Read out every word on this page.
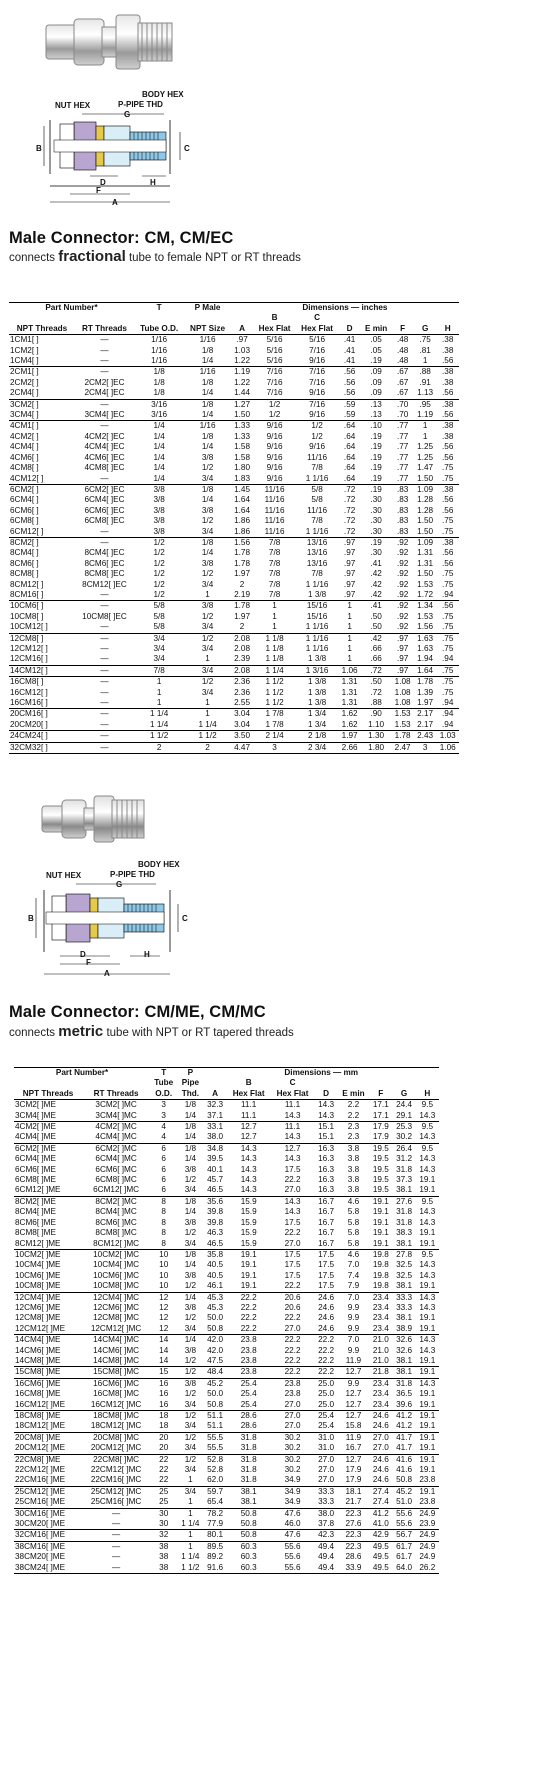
NUT HEX
BODY HEX
P-PIPE THD
B	C
G
D	H
F
A
Male Connector: CM, CM/EC
connects fractional tube to female NPT or RT threads
Part Number*		T	P Male	Dimensions — inches							
					B	C					
NPT Threads	RT Threads	Tube O.D.	NPT Size	A	Hex Flat	Hex Flat	D	E min	F	G	H
1CM1[ ]	—	1/16	1/16	.97	5/16	5/16	.41	.05	.48	.75	.38
1CM2[ ]	—	1/16	1/8	1.03	5/16	7/16	.41	.05	.48	.81	.38
1CM4[ ]	—	1/16	1/4	1.22	5/16	9/16	.41	.19	.48	1	.56
2CM1[ ]	—	1/8	1/16	1.19	7/16	7/16	.56	.09	.67	.88	.38
2CM2[ ]	2CM2[ ]EC	1/8	1/8	1.22	7/16	7/16	.56	.09	.67	.91	.38
2CM4[ ]	2CM4[ ]EC	1/8	1/4	1.44	7/16	9/16	.56	.09	.67	1.13	.56
3CM2[ ]	—	3/16	1/8	1.27	1/2	7/16	.59	.13	.70	.95	.38
3CM4[ ]	3CM4[ ]EC	3/16	1/4	1.50	1/2	9/16	.59	.13	.70	1.19	.56
4CM1[ ]	—	1/4	1/16	1.33	9/16	1/2	.64	.10	.77	1	.38
4CM2[ ]	4CM2[ ]EC	1/4	1/8	1.33	9/16	1/2	.64	.19	.77	1	.38
4CM4[ ]	4CM4[ ]EC	1/4	1/4	1.58	9/16	9/16	.64	.19	.77	1.25	.56
4CM6[ ]	4CM6[ ]EC	1/4	3/8	1.58	9/16	11/16	.64	.19	.77	1.25	.56
4CM8[ ]	4CM8[ ]EC	1/4	1/2	1.80	9/16	7/8	.64	.19	.77	1.47	.75
4CM12[ ]	—	1/4	3/4	1.83	9/16	1 1/16	.64	.19	.77	1.50	.75
6CM2[ ]	6CM2[ ]EC	3/8	1/8	1.45	11/16	5/8	.72	.19	.83	1.09	.38
6CM4[ ]	6CM4[ ]EC	3/8	1/4	1.64	11/16	5/8	.72	.30	.83	1.28	.56
6CM6[ ]	6CM6[ ]EC	3/8	3/8	1.64	11/16	11/16	.72	.30	.83	1.28	.56
6CM8[ ]	6CM8[ ]EC	3/8	1/2	1.86	11/16	7/8	.72	.30	.83	1.50	.75
6CM12[ ]	—	3/8	3/4	1.86	11/16	1 1/16	.72	.30	.83	1.50	.75
8CM2[ ]	—	1/2	1/8	1.56	7/8	13/16	.97	.19	.92	1.09	.38
8CM4[ ]	8CM4[ ]EC	1/2	1/4	1.78	7/8	13/16	.97	.30	.92	1.31	.56
8CM6[ ]	8CM6[ ]EC	1/2	3/8	1.78	7/8	13/16	.97	.41	.92	1.31	.56
8CM8[ ]	8CM8[ ]EC	1/2	1/2	1.97	7/8	7/8	.97	.42	.92	1.50	.75
8CM12[ ]	8CM12[ ]EC	1/2	3/4	2	7/8	1 1/16	.97	.42	.92	1.53	.75
8CM16[ ]	—	1/2	1	2.19	7/8	1 3/8	.97	.42	.92	1.72	.94
10CM6[ ]	—	5/8	3/8	1.78	1	15/16	1	.41	.92	1.34	.56
10CM8[ ]	10CM8[ ]EC	5/8	1/2	1.97	1	15/16	1	.50	.92	1.53	.75
10CM12[ ]	—	5/8	3/4	2	1	1 1/16	1	.50	.92	1.56	.75
12CM8[ ]	—	3/4	1/2	2.08	1 1/8	1 1/16	1	.42	.97	1.63	.75
12CM12[ ]	—	3/4	3/4	2.08	1 1/8	1 1/16	1	.66	.97	1.63	.75
12CM16[ ]	—	3/4	1	2.39	1 1/8	1 3/8	1	.66	.97	1.94	.94
14CM12[ ]	—	7/8	3/4	2.08	1 1/4	1 3/16	1.06	.72	.97	1.64	.75
16CM8[ ]	—	1	1/2	2.36	1 1/2	1 3/8	1.31	.50	1.08	1.78	.75
16CM12[ ]	—	1	3/4	2.36	1 1/2	1 3/8	1.31	.72	1.08	1.39	.75
16CM16[ ]	—	1	1	2.55	1 1/2	1 3/8	1.31	.88	1.08	1.97	.94
20CM16[ ]	—	1 1/4	1	3.04	1 7/8	1 3/4	1.62	.90	1.53	2.17	.94
20CM20[ ]	—	1 1/4	1 1/4	3.04	1 7/8	1 3/4	1.62	1.10	1.53	2.17	.94
24CM24[ ]	—	1 1/2	1 1/2	3.50	2 1/4	2 1/8	1.97	1.30	1.78	2.43	1.03
32CM32[ ]	—	2	2	4.47	3	2 3/4	2.66	1.80	2.47	3	1.06
NUT HEX
BODY HEX
P-PIPE THD
B	C
G
D	H
F
A
Male Connector: CM/ME, CM/MC
connects metric tube with NPT or RT tapered threads
Part Number*		T	P	Dimensions — mm							
		Tube	Pipe		B	C					
NPT Threads	RT Threads	O.D.	Thd.	A	Hex Flat	Hex Flat	D	E min	F	G	H
3CM2[ ]ME	3CM2[ ]MC	3	1/8	32.3	11.1	11.1	14.3	2.2	17.1	24.4	9.5
3CM4[ ]ME	3CM4[ ]MC	3	1/4	37.1	11.1	14.3	14.3	2.2	17.1	29.1	14.3
4CM2[ ]ME	4CM2[ ]MC	4	1/8	33.1	12.7	11.1	15.1	2.3	17.9	25.3	9.5
4CM4[ ]ME	4CM4[ ]MC	4	1/4	38.0	12.7	14.3	15.1	2.3	17.9	30.2	14.3
6CM2[ ]ME	6CM2[ ]MC	6	1/8	34.8	14.3	12.7	16.3	3.8	19.5	26.4	9.5
6CM4[ ]ME	6CM4[ ]MC	6	1/4	39.5	14.3	14.3	16.3	3.8	19.5	31.2	14.3
6CM6[ ]ME	6CM6[ ]MC	6	3/8	40.1	14.3	17.5	16.3	3.8	19.5	31.8	14.3
6CM8[ ]ME	6CM8[ ]MC	6	1/2	45.7	14.3	22.2	16.3	3.8	19.5	37.3	19.1
6CM12[ ]ME	6CM12[ ]MC	6	3/4	46.5	14.3	27.0	16.3	3.8	19.5	38.1	19.1
8CM2[ ]ME	8CM2[ ]MC	8	1/8	35.6	15.9	14.3	16.7	4.6	19.1	27.6	9.5
8CM4[ ]ME	8CM4[ ]MC	8	1/4	39.8	15.9	14.3	16.7	5.8	19.1	31.8	14.3
8CM6[ ]ME	8CM6[ ]MC	8	3/8	39.8	15.9	17.5	16.7	5.8	19.1	31.8	14.3
8CM8[ ]ME	8CM8[ ]MC	8	1/2	46.3	15.9	22.2	16.7	5.8	19.1	38.3	19.1
8CM12[ ]ME	8CM12[ ]MC	8	3/4	46.5	15.9	27.0	16.7	5.8	19.1	38.1	19.1
10CM2[ ]ME	10CM2[ ]MC	10	1/8	35.8	19.1	17.5	17.5	4.6	19.8	27.8	9.5
10CM4[ ]ME	10CM4[ ]MC	10	1/4	40.5	19.1	17.5	17.5	7.0	19.8	32.5	14.3
10CM6[ ]ME	10CM6[ ]MC	10	3/8	40.5	19.1	17.5	17.5	7.4	19.8	32.5	14.3
10CM8[ ]ME	10CM8[ ]MC	10	1/2	46.1	19.1	22.2	17.5	7.9	19.8	38.1	19.1
12CM4[ ]ME	12CM4[ ]MC	12	1/4	45.3	22.2	20.6	24.6	7.0	23.4	33.3	14.3
12CM6[ ]ME	12CM6[ ]MC	12	3/8	45.3	22.2	20.6	24.6	9.9	23.4	33.3	14.3
12CM8[ ]ME	12CM8[ ]MC	12	1/2	50.0	22.2	22.2	24.6	9.9	23.4	38.1	19.1
12CM12[ ]ME	12CM12[ ]MC	12	3/4	50.8	22.2	27.0	24.6	9.9	23.4	38.9	19.1
14CM4[ ]ME	14CM4[ ]MC	14	1/4	42.0	23.8	22.2	22.2	7.0	21.0	32.6	14.3
14CM6[ ]ME	14CM6[ ]MC	14	3/8	42.0	23.8	22.2	22.2	9.9	21.0	32.6	14.3
14CM8[ ]ME	14CM8[ ]MC	14	1/2	47.5	23.8	22.2	22.2	11.9	21.0	38.1	19.1
15CM8[ ]ME	15CM8[ ]MC	15	1/2	48.4	23.8	22.2	22.2	12.7	21.8	38.1	19.1
16CM6[ ]ME	16CM6[ ]MC	16	3/8	45.2	25.4	23.8	25.0	9.9	23.4	31.8	14.3
16CM8[ ]ME	16CM8[ ]MC	16	1/2	50.0	25.4	23.8	25.0	12.7	23.4	36.5	19.1
16CM12[ ]ME	16CM12[ ]MC	16	3/4	50.8	25.4	27.0	25.0	12.7	23.4	39.6	19.1
18CM8[ ]ME	18CM8[ ]MC	18	1/2	51.1	28.6	27.0	25.4	12.7	24.6	41.2	19.1
18CM12[ ]ME	18CM12[ ]MC	18	3/4	51.1	28.6	27.0	25.4	15.8	24.6	41.2	19.1
20CM8[ ]ME	20CM8[ ]MC	20	1/2	55.5	31.8	30.2	31.0	11.9	27.0	41.7	19.1
20CM12[ ]ME	20CM12[ ]MC	20	3/4	55.5	31.8	30.2	31.0	16.7	27.0	41.7	19.1
22CM8[ ]ME	22CM8[ ]MC	22	1/2	52.8	31.8	30.2	27.0	12.7	24.6	41.6	19.1
22CM12[ ]ME	22CM12[ ]MC	22	3/4	52.8	31.8	30.2	27.0	17.9	24.6	41.6	19.1
22CM16[ ]ME	22CM16[ ]MC	22	1	62.0	31.8	34.9	27.0	17.9	24.6	50.8	23.8
25CM12[ ]ME	25CM12[ ]MC	25	3/4	59.7	38.1	34.9	33.3	18.1	27.4	45.2	19.1
25CM16[ ]ME	25CM16[ ]MC	25	1	65.4	38.1	34.9	33.3	21.7	27.4	51.0	23.8
30CM16[ ]ME	—	30	1	78.2	50.8	47.6	38.0	22.3	41.2	55.6	24.9
30CM20[ ]ME	—	30	1 1/4	77.9	50.8	46.0	37.8	27.6	41.0	55.6	23.9
32CM16[ ]ME	—	32	1	80.1	50.8	47.6	42.3	22.3	42.9	56.7	24.9
38CM16[ ]ME	—	38	1	89.5	60.3	55.6	49.4	22.3	49.5	61.7	24.9
38CM20[ ]ME	—	38	1 1/4	89.2	60.3	55.6	49.4	28.6	49.5	61.7	24.9
38CM24[ ]ME	—	38	1 1/2	91.6	60.3	55.6	49.4	33.9	49.5	64.0	26.2
